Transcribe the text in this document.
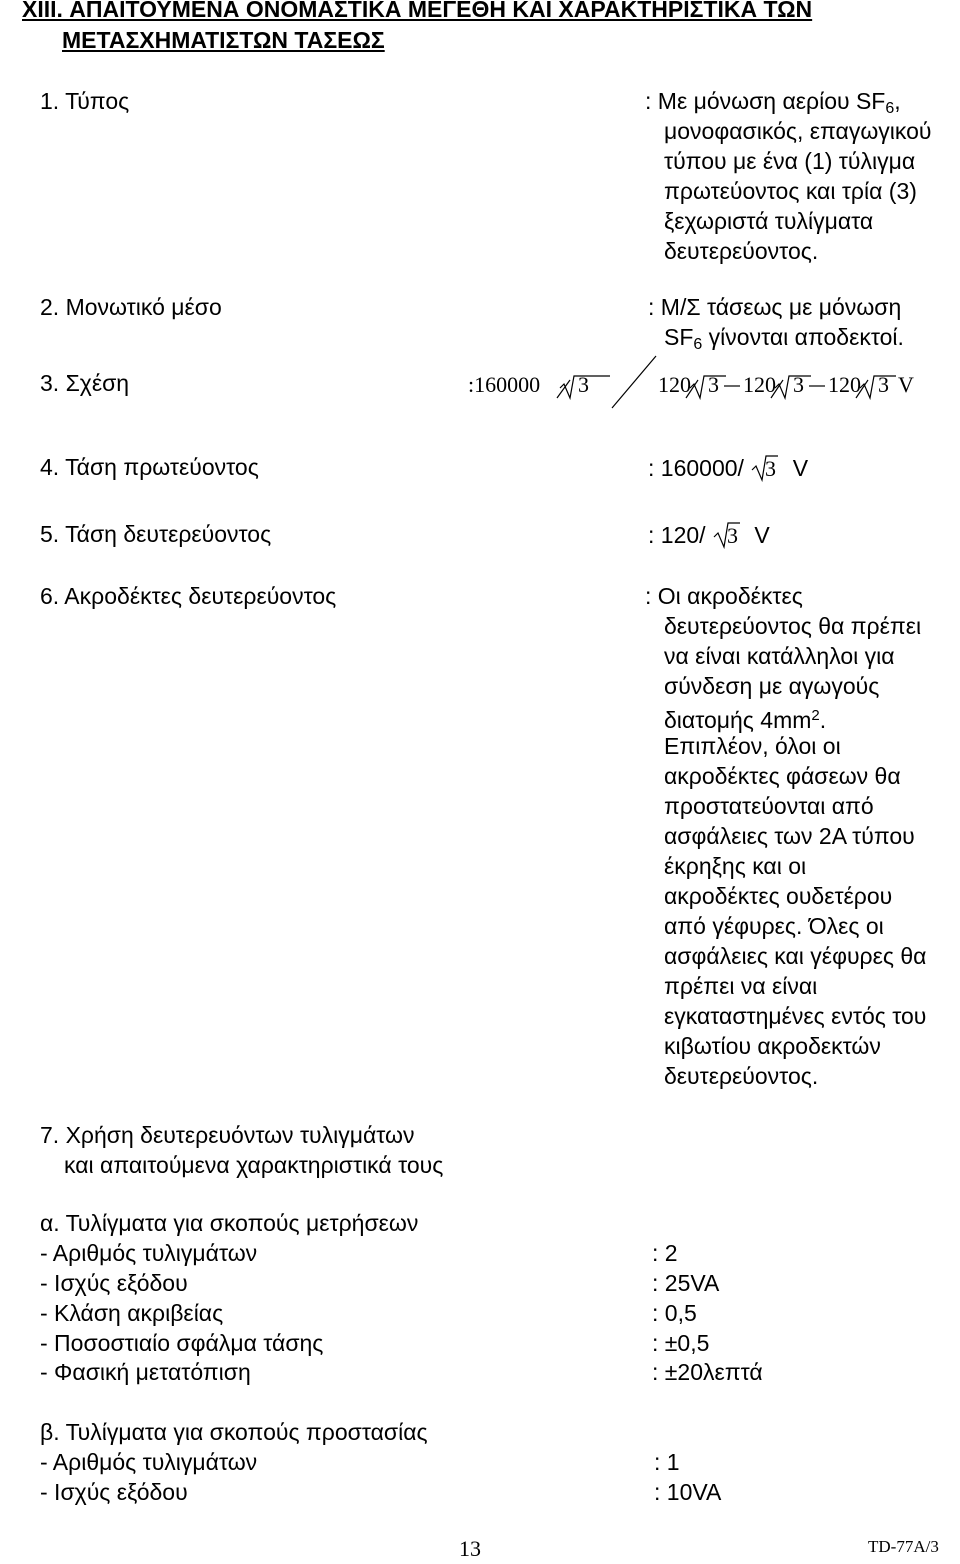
XIII. ΑΠΑΙΤΟΥΜΕΝΑ ΟΝΟΜΑΣΤΙΚΑ ΜΕΓΕΘΗ ΚΑΙ ΧΑΡΑΚΤΗΡΙΣΤΙΚΑ ΤΩΝ
ΜΕΤΑΣΧΗΜΑΤΙΣΤΩΝ ΤΑΣΕΩΣ
1. Τύπος	: Με μόνωση αερίου $SF_6$,
μονοφασικός, επαγωγικού
τύπου με ένα (1) τύλιγμα
πρωτεύοντος και τρία (3)
ξεχωριστά τυλίγματα
δευτερεύοντος.
2. Μονωτικό μέσο	: Μ/Σ τάσεως με μόνωση
$SF_6$ γίνονται αποδεκτοί.
3. Σχέση	:160000 3	120 3 120 3 120 3 V
4. Τάση πρωτεύοντος	: 160000/ 3 V
5. Τάση δευτερεύοντος	: 120/ 3 V
6. Ακροδέκτες δευτερεύοντος	: Οι ακροδέκτες
δευτερεύοντος θα πρέπει
να είναι κατάλληλοι για
σύνδεση με αγωγούς
διατομής $4mm^2$.
Επιπλέον, όλοι οι
ακροδέκτες φάσεων θα
προστατεύονται από
ασφάλειες των 2A τύπου
έκρηξης και οι
ακροδέκτες ουδετέρου
από γέφυρες. Όλες οι
ασφάλειες και γέφυρες θα
πρέπει να είναι
εγκαταστημένες εντός του
κιβωτίου ακροδεκτών
δευτερεύοντος.
7. Χρήση δευτερευόντων τυλιγμάτων
και απαιτούμενα χαρακτηριστικά τους
α. Τυλίγματα για σκοπούς μετρήσεων
- Αριθμός τυλιγμάτων	: 2
- Ισχύς εξόδου	: 25VA
- Κλάση ακριβείας	: 0,5
- Ποσοστιαίο σφάλμα τάσης	: ±0,5
- Φασική μετατόπιση	: ±20λεπτά
β. Τυλίγματα για σκοπούς προστασίας
- Αριθμός τυλιγμάτων	: 1
- Ισχύς εξόδου	: 10VA
13	TD-77A/3
